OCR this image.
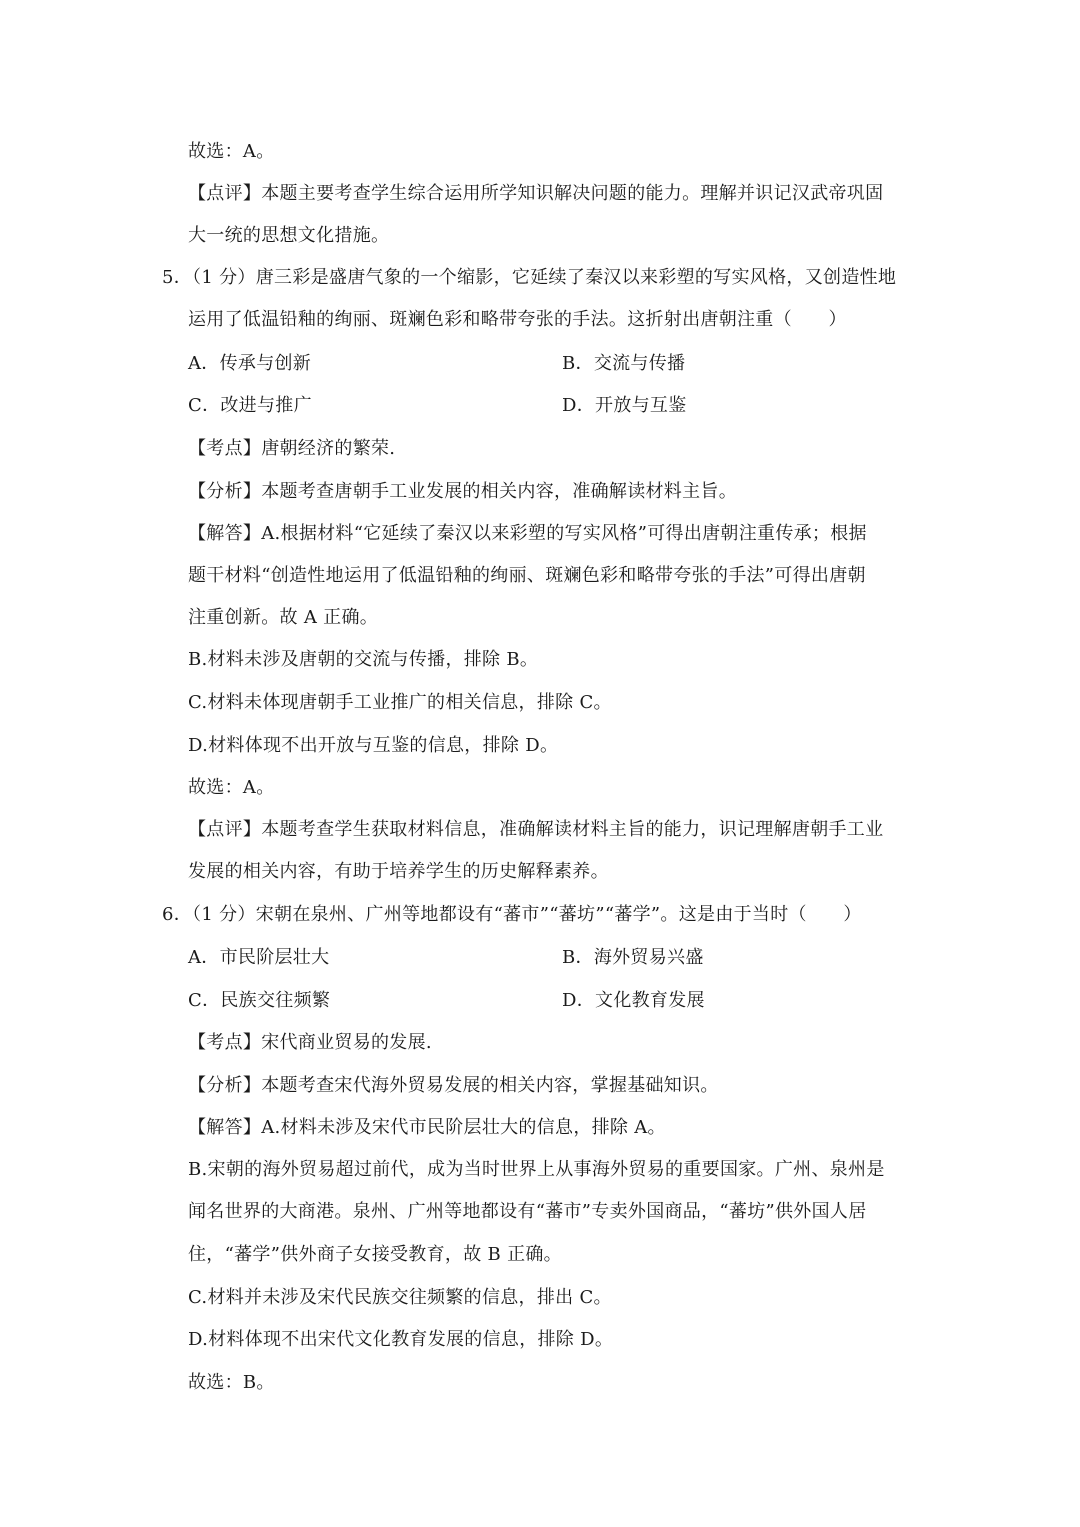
故选：A。
【点评】本题主要考查学生综合运用所学知识解决问题的能力。理解并识记汉武帝巩固
大一统的思想文化措施。
5．（1 分）唐三彩是盛唐气象的一个缩影，它延续了秦汉以来彩塑的写实风格，又创造性地
运用了低温铅釉的绚丽、斑斓色彩和略带夸张的手法。这折射出唐朝注重（　　）
A．传承与创新	B．交流与传播
C．改进与推广	D．开放与互鉴
【考点】唐朝经济的繁荣.
【分析】本题考查唐朝手工业发展的相关内容，准确解读材料主旨。
【解答】A.根据材料“它延续了秦汉以来彩塑的写实风格”可得出唐朝注重传承；根据
题干材料“创造性地运用了低温铅釉的绚丽、斑斓色彩和略带夸张的手法”可得出唐朝
注重创新。故 A 正确。
B.材料未涉及唐朝的交流与传播，排除 B。
C.材料未体现唐朝手工业推广的相关信息，排除 C。
D.材料体现不出开放与互鉴的信息，排除 D。
故选：A。
【点评】本题考查学生获取材料信息，准确解读材料主旨的能力，识记理解唐朝手工业
发展的相关内容，有助于培养学生的历史解释素养。
6．（1 分）宋朝在泉州、广州等地都设有“蕃市”“蕃坊”“蕃学”。这是由于当时（　　）
A．市民阶层壮大	B．海外贸易兴盛
C．民族交往频繁	D．文化教育发展
【考点】宋代商业贸易的发展.
【分析】本题考查宋代海外贸易发展的相关内容，掌握基础知识。
【解答】A.材料未涉及宋代市民阶层壮大的信息，排除 A。
B.宋朝的海外贸易超过前代，成为当时世界上从事海外贸易的重要国家。广州、泉州是
闻名世界的大商港。泉州、广州等地都设有“蕃市”专卖外国商品，“蕃坊”供外国人居
住，“蕃学”供外商子女接受教育，故 B 正确。
C.材料并未涉及宋代民族交往频繁的信息，排出 C。
D.材料体现不出宋代文化教育发展的信息，排除 D。
故选：B。
